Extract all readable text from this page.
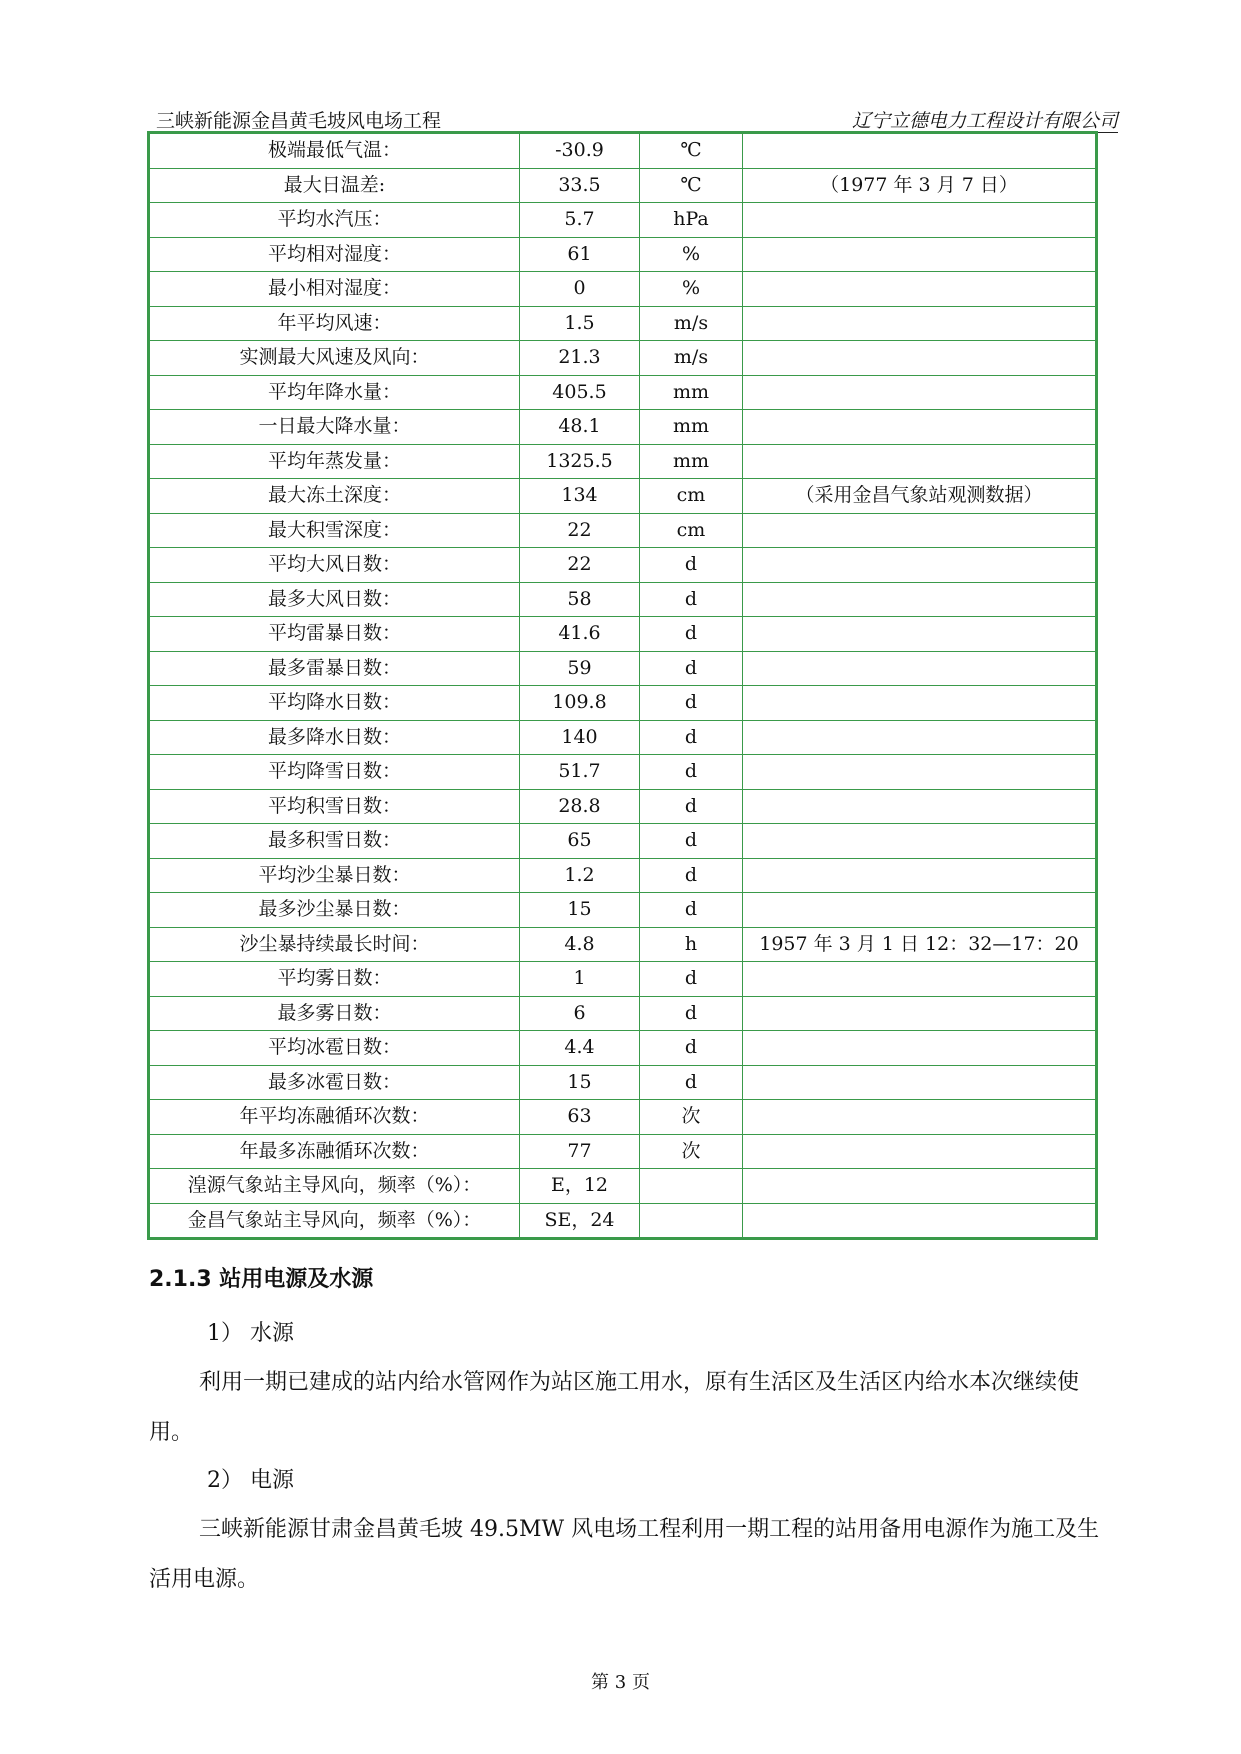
三峡新能源金昌黄毛坡风电场工程	辽宁立德电力工程设计有限公司
极端最低气温：	-30.9	℃	
最大日温差:	33.5	℃	（1977 年 3 月 7 日）
平均水汽压：	5.7	hPa	
平均相对湿度：	61	%	
最小相对湿度：	0	%	
年平均风速：	1.5	m/s	
实测最大风速及风向：	21.3	m/s	
平均年降水量：	405.5	mm	
一日最大降水量：	48.1	mm	
平均年蒸发量：	1325.5	mm	
最大冻土深度：	134	cm	（采用金昌气象站观测数据）
最大积雪深度：	22	cm	
平均大风日数：	22	d	
最多大风日数：	58	d	
平均雷暴日数：	41.6	d	
最多雷暴日数：	59	d	
平均降水日数：	109.8	d	
最多降水日数：	140	d	
平均降雪日数：	51.7	d	
平均积雪日数：	28.8	d	
最多积雪日数：	65	d	
平均沙尘暴日数：	1.2	d	
最多沙尘暴日数：	15	d	
沙尘暴持续最长时间：	4.8	h	1957 年 3 月 1 日 12：32—17：20
平均雾日数：	1	d	
最多雾日数：	6	d	
平均冰雹日数：	4.4	d	
最多冰雹日数：	15	d	
年平均冻融循环次数：	63	次	
年最多冻融循环次数：	77	次	
湟源气象站主导风向，频率（%）：	E，12		
金昌气象站主导风向，频率（%）：	SE，24		
2.1.3 站用电源及水源
1） 水源
利用一期已建成的站内给水管网作为站区施工用水，原有生活区及生活区内给水本次继续使用。
2） 电源
三峡新能源甘肃金昌黄毛坡 49.5MW 风电场工程利用一期工程的站用备用电源作为施工及生活用电源。
第 3 页
